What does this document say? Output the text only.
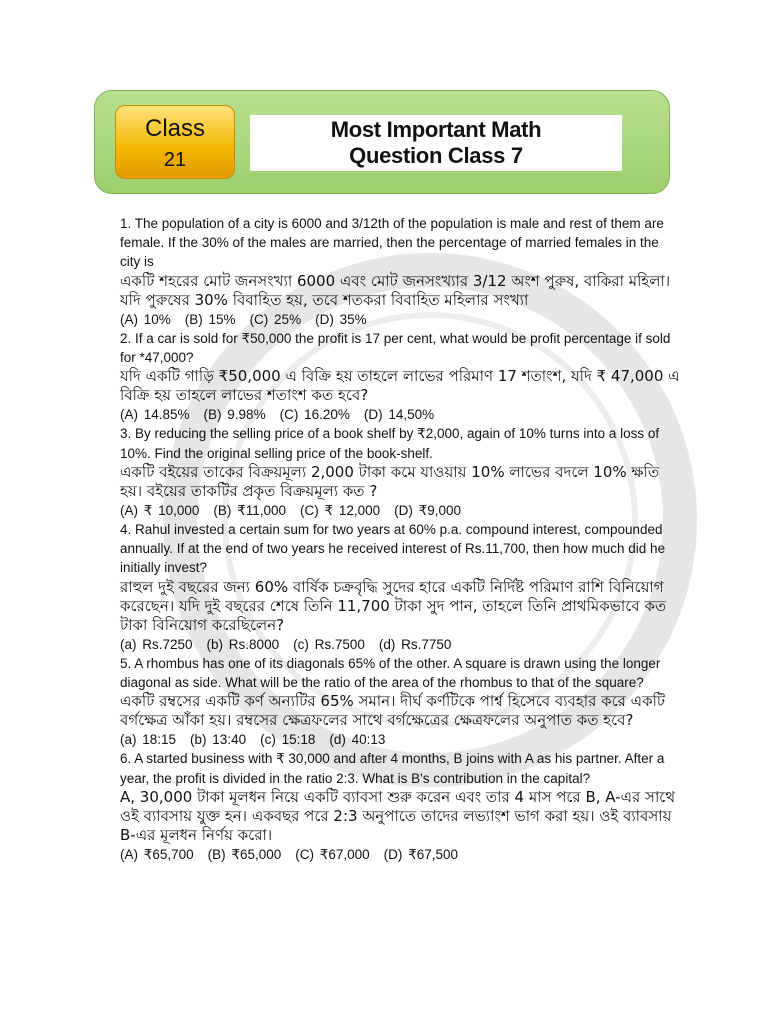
Class
21
Most Important Math
Question Class 7

1. The population of a city is 6000 and 3/12th of the population is male and rest of them are female. If the 30% of the males are married, then the percentage of married females in the city is

একটি শহরের মোট জনসংখ্যা 6000 এবং মোট জনসংখ্যার 3/12 অংশ পুরুষ, বাকিরা মহিলা। যদি পুরুষের 30% বিবাহিত হয়, তবে শতকরা বিবাহিত মহিলার সংখ্যা

(A) 10% (B) 15% (C) 25% (D) 35%

2. If a car is sold for ₹50,000 the profit is 17 per cent, what would be profit percentage if sold for *47,000?

যদি একটি গাড়ি ₹50,000 এ বিক্রি হয় তাহলে লাভের পরিমাণ 17 শতাংশ, যদি ₹ 47,000 এ বিক্রি হয় তাহলে লাভের শতাংশ কত হবে?

(A) 14.85% (B) 9.98% (C) 16.20% (D) 14,50%

3. By reducing the selling price of a book shelf by ₹2,000, again of 10% turns into a loss of 10%. Find the original selling price of the book-shelf.

একটি বইয়ের তাকের বিক্রয়মূল্য 2,000 টাকা কমে যাওয়ায় 10% লাভের বদলে 10% ক্ষতি হয়। বইয়ের তাকটির প্রকৃত বিক্রয়মূল্য কত ?

(A) ₹ 10,000 (B) ₹11,000 (C) ₹ 12,000 (D) ₹9,000

4. Rahul invested a certain sum for two years at 60% p.a. compound interest, compounded annually. If at the end of two years he received interest of Rs.11,700, then how much did he initially invest?

রাহুল দুই বছরের জন্য 60% বার্ষিক চক্রবৃদ্ধি সুদের হারে একটি নির্দিষ্ট পরিমাণ রাশি বিনিয়োগ করেছেন। যদি দুই বছরের শেষে তিনি 11,700 টাকা সুদ পান, তাহলে তিনি প্রাথমিকভাবে কত টাকা বিনিয়োগ করেছিলেন?

(a) Rs.7250 (b) Rs.8000 (c) Rs.7500 (d) Rs.7750

5. A rhombus has one of its diagonals 65% of the other. A square is drawn using the longer diagonal as side. What will be the ratio of the area of the rhombus to that of the square?

একটি রম্বসের একটি কর্ণ অন্যটির 65% সমান। দীর্ঘ কর্ণটিকে পার্শ্ব হিসেবে ব্যবহার করে একটি বর্গক্ষেত্র আঁকা হয়। রম্বসের ক্ষেত্রফলের সাথে বর্গক্ষেত্রের ক্ষেত্রফলের অনুপাত কত হবে?

(a) 18:15 (b) 13:40 (c) 15:18 (d) 40:13

6. A started business with ₹ 30,000 and after 4 months, B joins with A as his partner. After a year, the profit is divided in the ratio 2:3. What is B's contribution in the capital?

A, 30,000 টাকা মূলধন নিয়ে একটি ব্যাবসা শুরু করেন এবং তার 4 মাস পরে B, A-এর সাথে ওই ব্যাবসায় যুক্ত হন। একবছর পরে 2:3 অনুপাতে তাদের লভ্যাংশ ভাগ করা হয়। ওই ব্যাবসায় B-এর মূলধন নির্ণয় করো।

(A) ₹65,700 (B) ₹65,000 (C) ₹67,000 (D) ₹67,500
